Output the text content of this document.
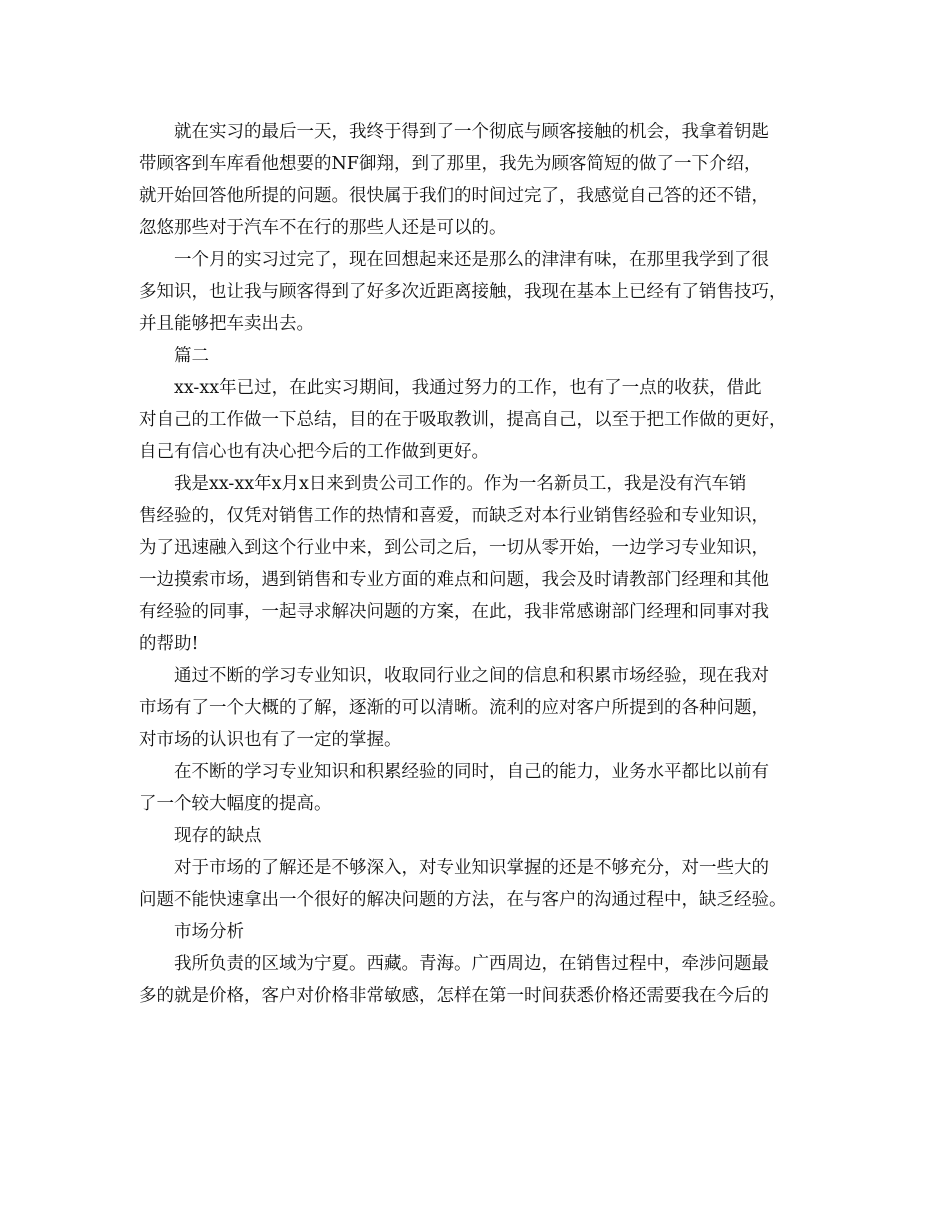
就在实习的最后一天，我终于得到了一个彻底与顾客接触的机会，我拿着钥匙
带顾客到车库看他想要的NF御翔，到了那里，我先为顾客简短的做了一下介绍，
就开始回答他所提的问题。很快属于我们的时间过完了，我感觉自己答的还不错，
忽悠那些对于汽车不在行的那些人还是可以的。
一个月的实习过完了，现在回想起来还是那么的津津有味，在那里我学到了很
多知识，也让我与顾客得到了好多次近距离接触，我现在基本上已经有了销售技巧，
并且能够把车卖出去。
篇二
xx-xx年已过，在此实习期间，我通过努力的工作，也有了一点的收获，借此
对自己的工作做一下总结，目的在于吸取教训，提高自己，以至于把工作做的更好，
自己有信心也有决心把今后的工作做到更好。
我是xx-xx年x月x日来到贵公司工作的。作为一名新员工，我是没有汽车销
售经验的，仅凭对销售工作的热情和喜爱，而缺乏对本行业销售经验和专业知识，
为了迅速融入到这个行业中来，到公司之后，一切从零开始，一边学习专业知识，
一边摸索市场，遇到销售和专业方面的难点和问题，我会及时请教部门经理和其他
有经验的同事，一起寻求解决问题的方案，在此，我非常感谢部门经理和同事对我
的帮助!
通过不断的学习专业知识，收取同行业之间的信息和积累市场经验，现在我对
市场有了一个大概的了解，逐渐的可以清晰。流利的应对客户所提到的各种问题，
对市场的认识也有了一定的掌握。
在不断的学习专业知识和积累经验的同时，自己的能力，业务水平都比以前有
了一个较大幅度的提高。
现存的缺点
对于市场的了解还是不够深入，对专业知识掌握的还是不够充分，对一些大的
问题不能快速拿出一个很好的解决问题的方法，在与客户的沟通过程中，缺乏经验。
市场分析
我所负责的区域为宁夏。西藏。青海。广西周边，在销售过程中，牵涉问题最
多的就是价格，客户对价格非常敏感，怎样在第一时间获悉价格还需要我在今后的
